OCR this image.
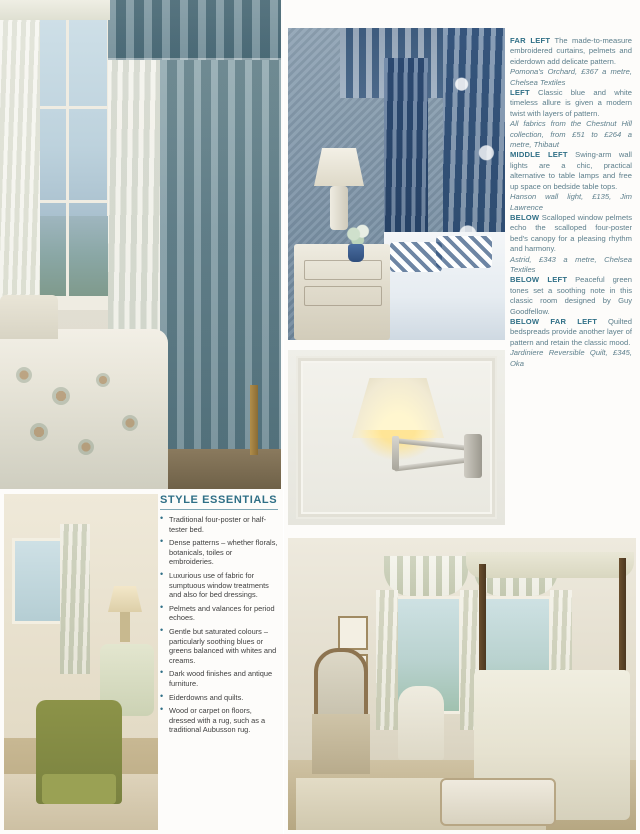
FAR LEFT The made-to-measure embroidered curtains, pelmets and eiderdown add delicate pattern.

Pomona's Orchard, £367 a metre, Chelsea Textiles

LEFT Classic blue and white timeless allure is given a modern twist with layers of pattern.

All fabrics from the Chestnut Hill collection, from £51 to £264 a metre, Thibaut

MIDDLE LEFT Swing-arm wall lights are a chic, practical alternative to table lamps and free up space on bedside table tops.

Hanson wall light, £135, Jim Lawrence

BELOW Scalloped window pelmets echo the scalloped four-poster bed's canopy for a pleasing rhythm and harmony.

Astrid, £343 a metre, Chelsea Textiles

BELOW LEFT Peaceful green tones set a soothing note in this classic room designed by Guy Goodfellow.

BELOW FAR LEFT Quilted bedspreads provide another layer of pattern and retain the classic mood.

Jardiniere Reversible Quilt, £345, Oka

STYLE ESSENTIALS
• Traditional four-poster or half-tester bed.
• Dense patterns – whether florals, botanicals, toiles or embroideries.
• Luxurious use of fabric for sumptuous window treatments and also for bed dressings.
• Pelmets and valances for period echoes.
• Gentle but saturated colours – particularly soothing blues or greens balanced with whites and creams.
• Dark wood finishes and antique furniture.
• Eiderdowns and quilts.
• Wood or carpet on floors, dressed with a rug, such as a traditional Aubusson rug.
